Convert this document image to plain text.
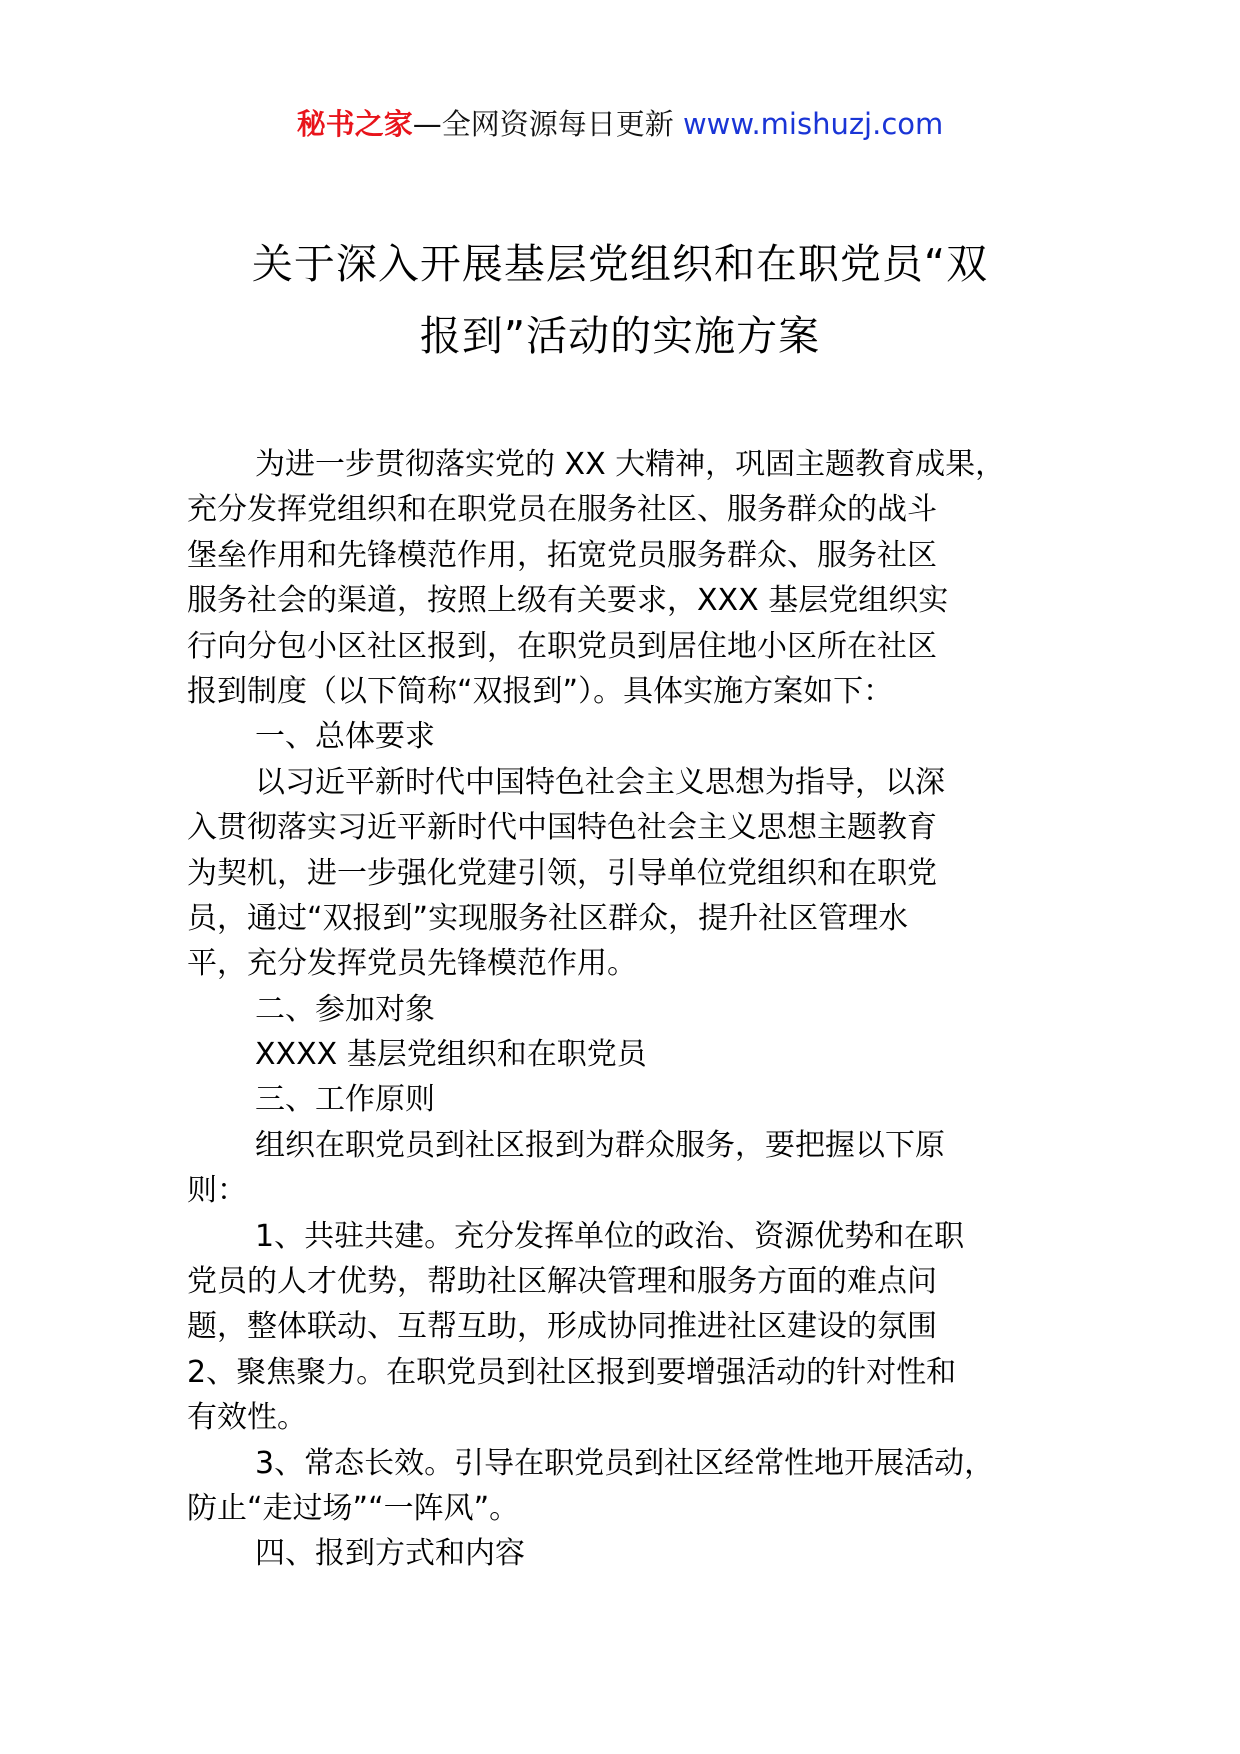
秘书之家—全网资源每日更新 www.mishuzj.com
关于深入开展基层党组织和在职党员“双
报到”活动的实施方案
为进一步贯彻落实党的 XX 大精神，巩固主题教育成果，
充分发挥党组织和在职党员在服务社区、服务群众的战斗
堡垒作用和先锋模范作用，拓宽党员服务群众、服务社区
服务社会的渠道，按照上级有关要求，XXX 基层党组织实
行向分包小区社区报到，在职党员到居住地小区所在社区
报到制度（以下简称“双报到”）。具体实施方案如下：
一、总体要求
以习近平新时代中国特色社会主义思想为指导，以深
入贯彻落实习近平新时代中国特色社会主义思想主题教育
为契机，进一步强化党建引领，引导单位党组织和在职党
员，通过“双报到”实现服务社区群众，提升社区管理水
平，充分发挥党员先锋模范作用。
二、参加对象
XXXX 基层党组织和在职党员
三、工作原则
组织在职党员到社区报到为群众服务，要把握以下原
则：
1、共驻共建。充分发挥单位的政治、资源优势和在职
党员的人才优势，帮助社区解决管理和服务方面的难点问
题，整体联动、互帮互助，形成协同推进社区建设的氛围
2、聚焦聚力。在职党员到社区报到要增强活动的针对性和
有效性。
3、常态长效。引导在职党员到社区经常性地开展活动，
防止“走过场”“一阵风”。
四、报到方式和内容
